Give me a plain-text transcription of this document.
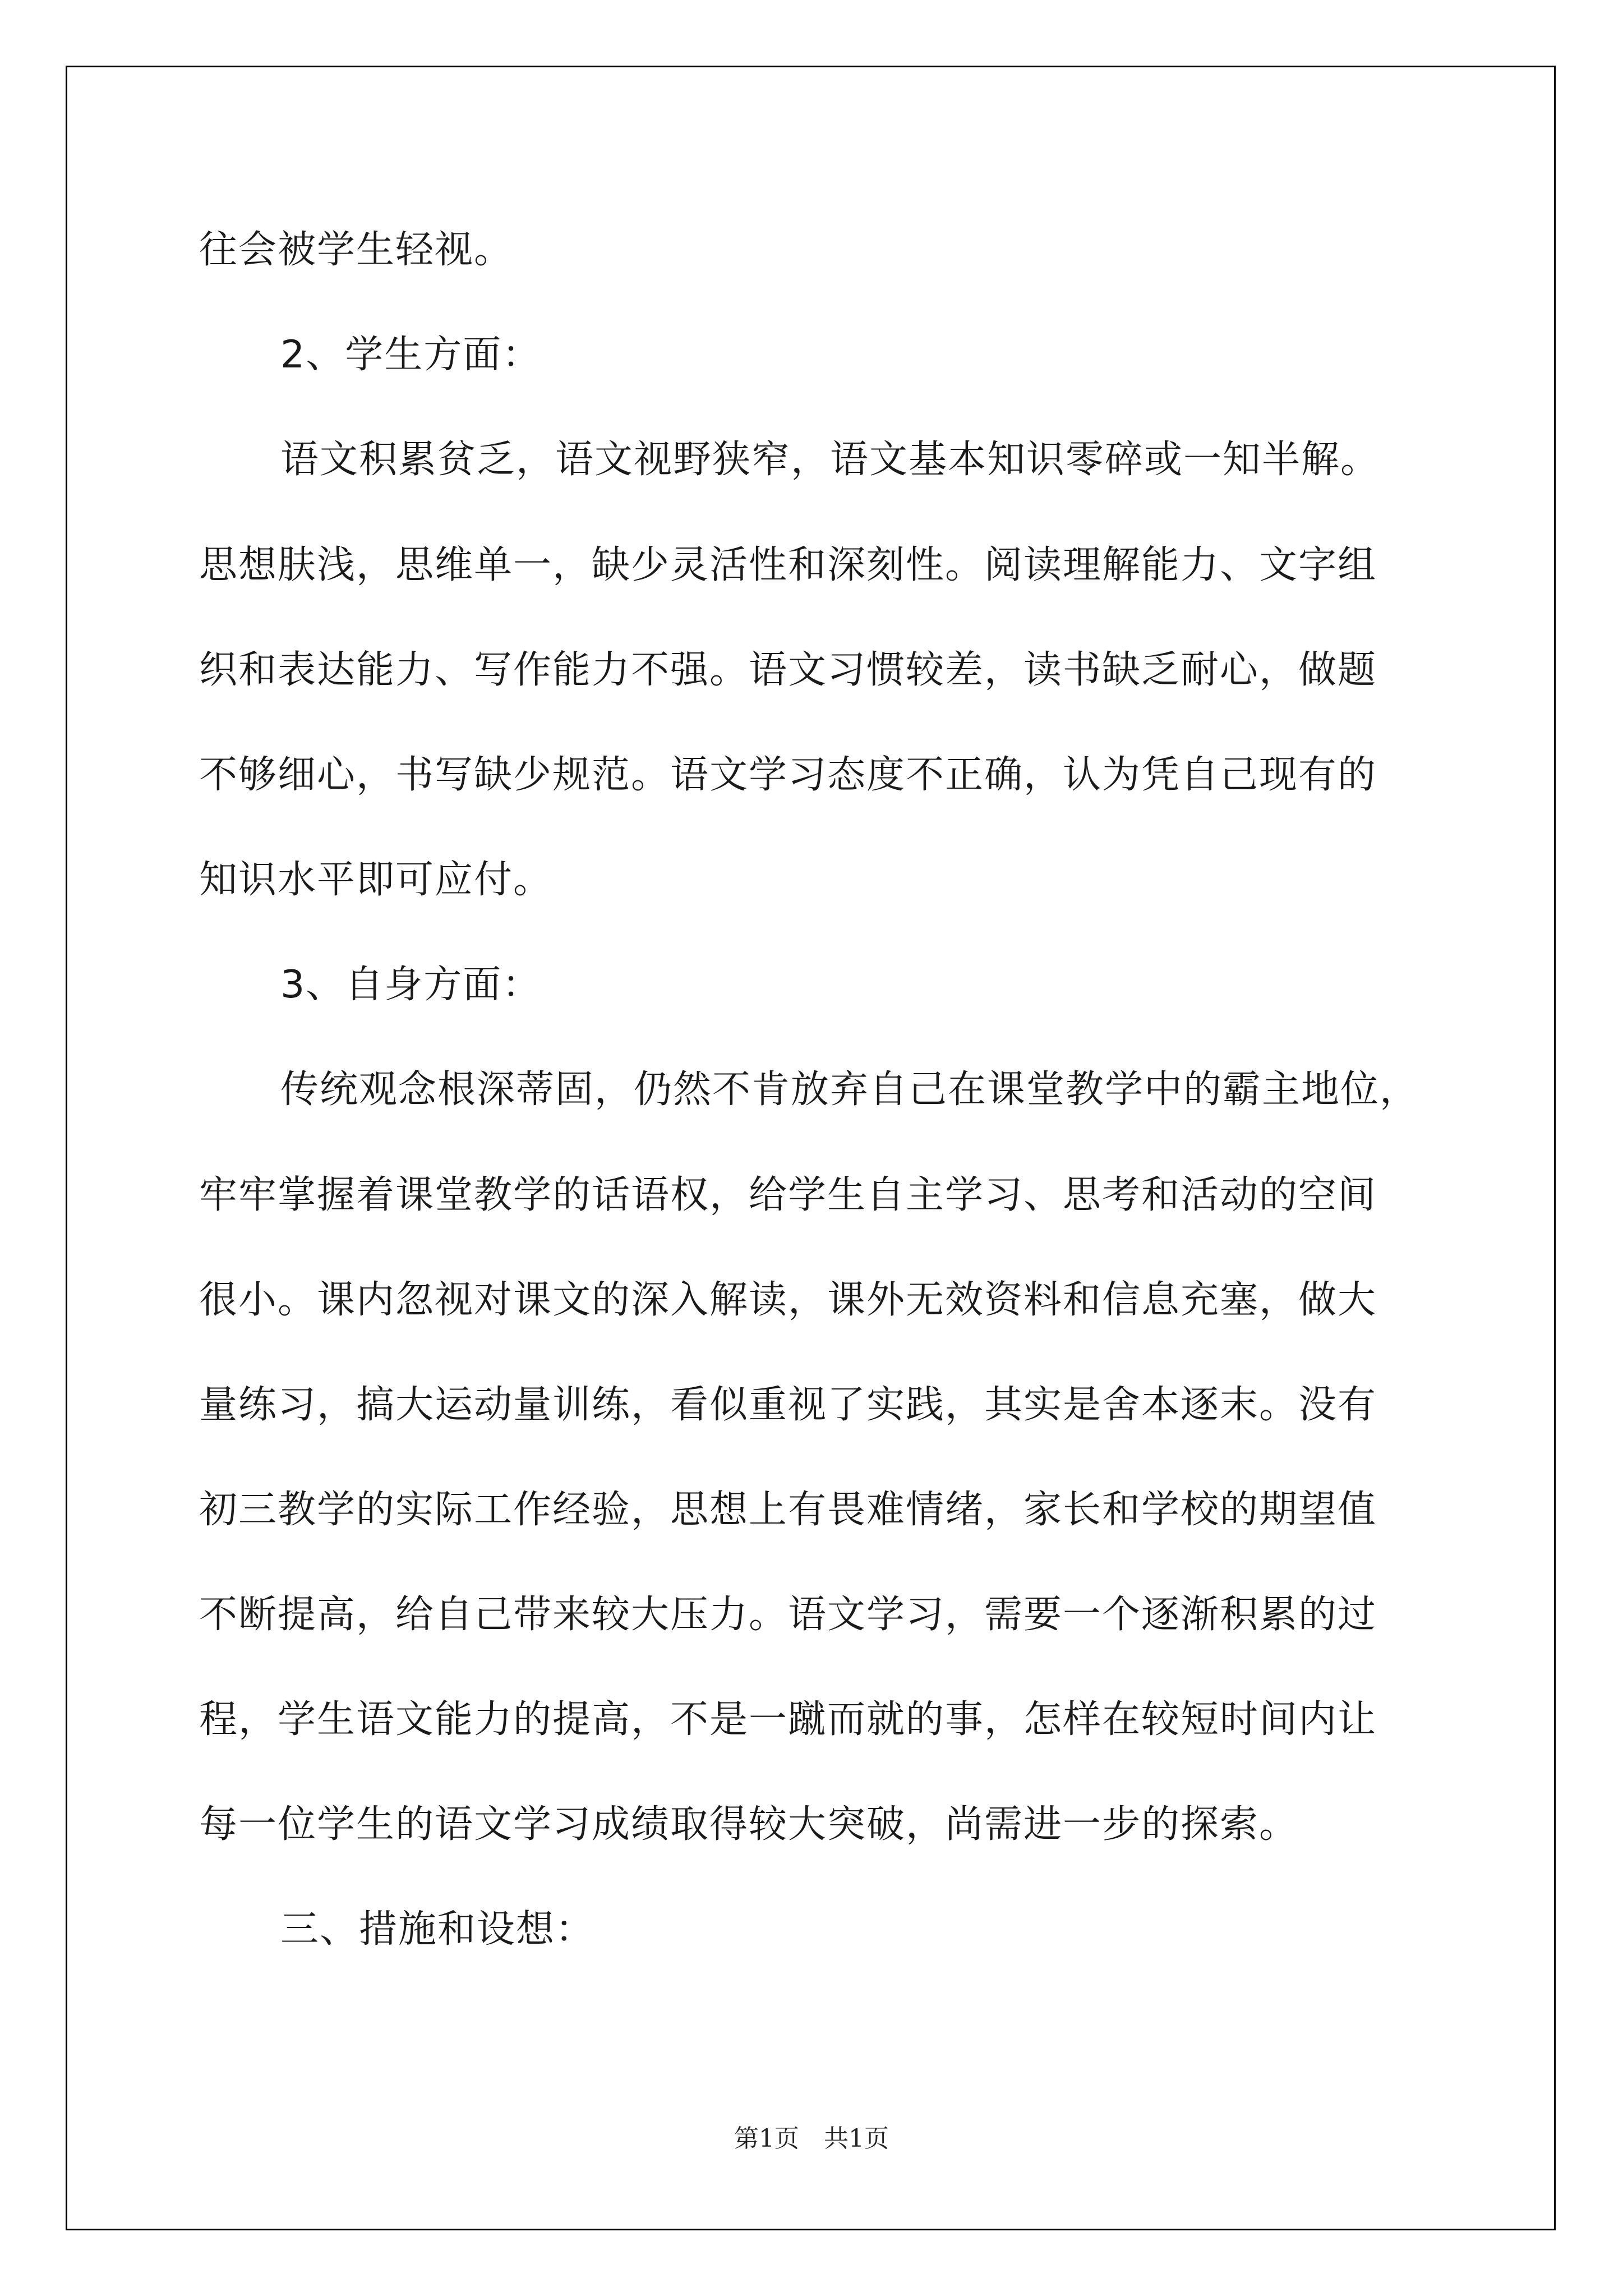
往会被学生轻视。

2、学生方面：

语文积累贫乏，语文视野狭窄，语文基本知识零碎或一知半解。

思想肤浅，思维单一，缺少灵活性和深刻性。阅读理解能力、文字组

织和表达能力、写作能力不强。语文习惯较差，读书缺乏耐心，做题

不够细心，书写缺少规范。语文学习态度不正确，认为凭自己现有的

知识水平即可应付。

3、自身方面：

传统观念根深蒂固，仍然不肯放弃自己在课堂教学中的霸主地位，

牢牢掌握着课堂教学的话语权，给学生自主学习、思考和活动的空间

很小。课内忽视对课文的深入解读，课外无效资料和信息充塞，做大

量练习，搞大运动量训练，看似重视了实践，其实是舍本逐末。没有

初三教学的实际工作经验，思想上有畏难情绪，家长和学校的期望值

不断提高，给自己带来较大压力。语文学习，需要一个逐渐积累的过

程，学生语文能力的提高，不是一蹴而就的事，怎样在较短时间内让

每一位学生的语文学习成绩取得较大突破，尚需进一步的探索。

三、措施和设想：

第1页　共1页
